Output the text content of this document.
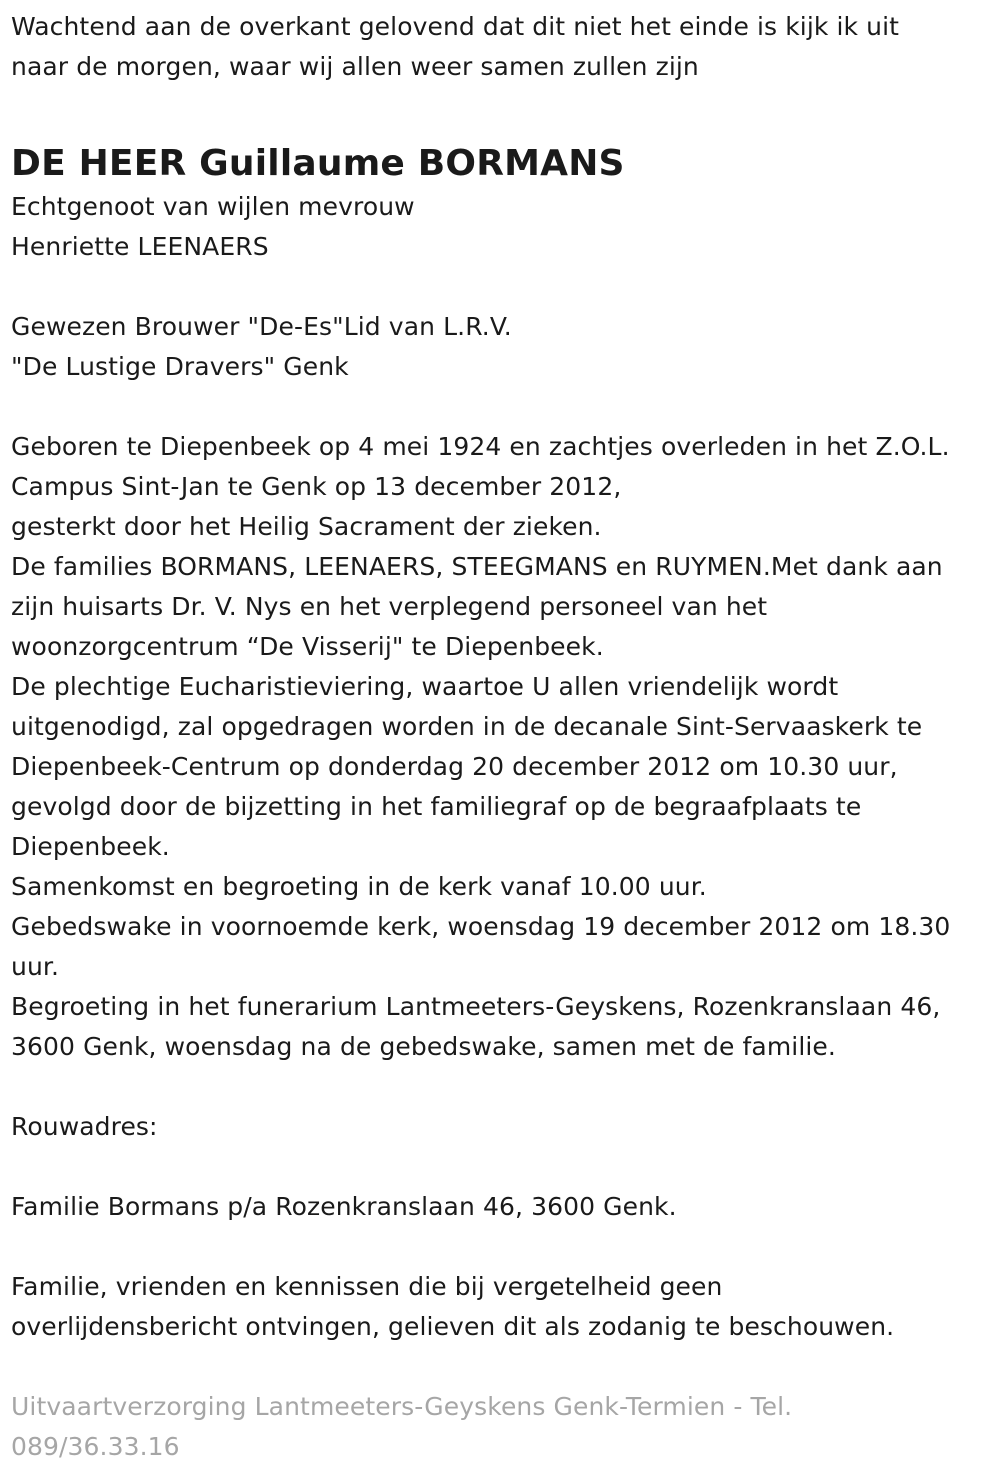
Wachtend aan de overkant gelovend dat dit niet het einde is kijk ik uit
naar de morgen, waar wij allen weer samen zullen zijn
DE HEER Guillaume BORMANS
Echtgenoot van wijlen mevrouw
Henriette LEENAERS
Gewezen Brouwer "De-Es"Lid van L.R.V.
"De Lustige Dravers" Genk
Geboren te Diepenbeek op 4 mei 1924 en zachtjes overleden in het Z.O.L.
Campus Sint-Jan te Genk op 13 december 2012,
gesterkt door het Heilig Sacrament der zieken.
De families BORMANS, LEENAERS, STEEGMANS en RUYMEN.Met dank aan
zijn huisarts Dr. V. Nys en het verplegend personeel van het
woonzorgcentrum “De Visserij" te Diepenbeek.
De plechtige Eucharistieviering, waartoe U allen vriendelijk wordt
uitgenodigd, zal opgedragen worden in de decanale Sint-Servaaskerk te
Diepenbeek-Centrum op donderdag 20 december 2012 om 10.30 uur,
gevolgd door de bijzetting in het familiegraf op de begraafplaats te
Diepenbeek.
Samenkomst en begroeting in de kerk vanaf 10.00 uur.
Gebedswake in voornoemde kerk, woensdag 19 december 2012 om 18.30
uur.
Begroeting in het funerarium Lantmeeters-Geyskens, Rozenkranslaan 46,
3600 Genk, woensdag na de gebedswake, samen met de familie.
Rouwadres:
Familie Bormans p/a Rozenkranslaan 46, 3600 Genk.
Familie, vrienden en kennissen die bij vergetelheid geen
overlijdensbericht ontvingen, gelieven dit als zodanig te beschouwen.
Uitvaartverzorging Lantmeeters-Geyskens Genk-Termien - Tel.
089/36.33.16
